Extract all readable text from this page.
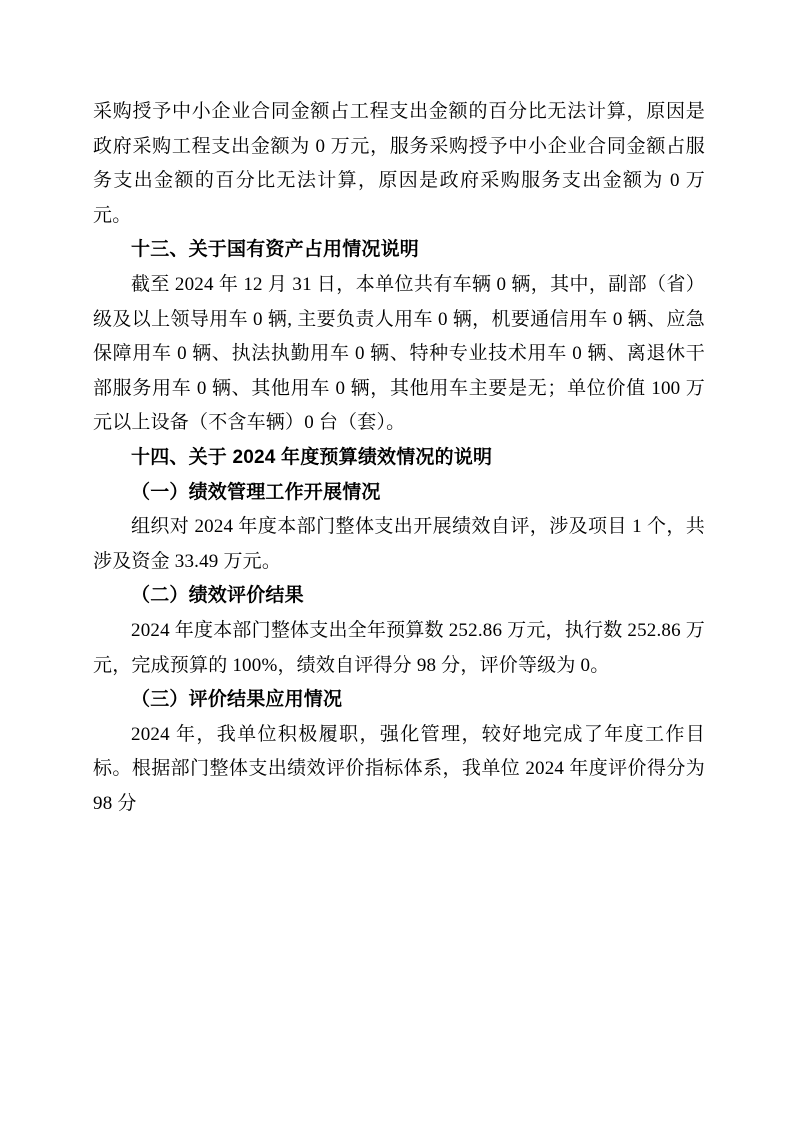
采购授予中小企业合同金额占工程支出金额的百分比无法计算，原因是政府采购工程支出金额为 0 万元，服务采购授予中小企业合同金额占服务支出金额的百分比无法计算，原因是政府采购服务支出金额为 0 万元。

十三、关于国有资产占用情况说明

截至 2024 年 12 月 31 日，本单位共有车辆 0 辆，其中，副部（省）级及以上领导用车 0 辆, 主要负责人用车 0 辆，机要通信用车 0 辆、应急保障用车 0 辆、执法执勤用车 0 辆、特种专业技术用车 0 辆、离退休干部服务用车 0 辆、其他用车 0 辆，其他用车主要是无；单位价值 100 万元以上设备（不含车辆）0 台（套）。

十四、关于 2024 年度预算绩效情况的说明

（一）绩效管理工作开展情况

组织对 2024 年度本部门整体支出开展绩效自评，涉及项目 1 个，共涉及资金 33.49 万元。

（二）绩效评价结果

2024 年度本部门整体支出全年预算数 252.86 万元，执行数 252.86 万元，完成预算的 100%，绩效自评得分 98 分，评价等级为 0。

（三）评价结果应用情况

2024 年，我单位积极履职，强化管理，较好地完成了年度工作目标。根据部门整体支出绩效评价指标体系，我单位 2024 年度评价得分为 98 分
